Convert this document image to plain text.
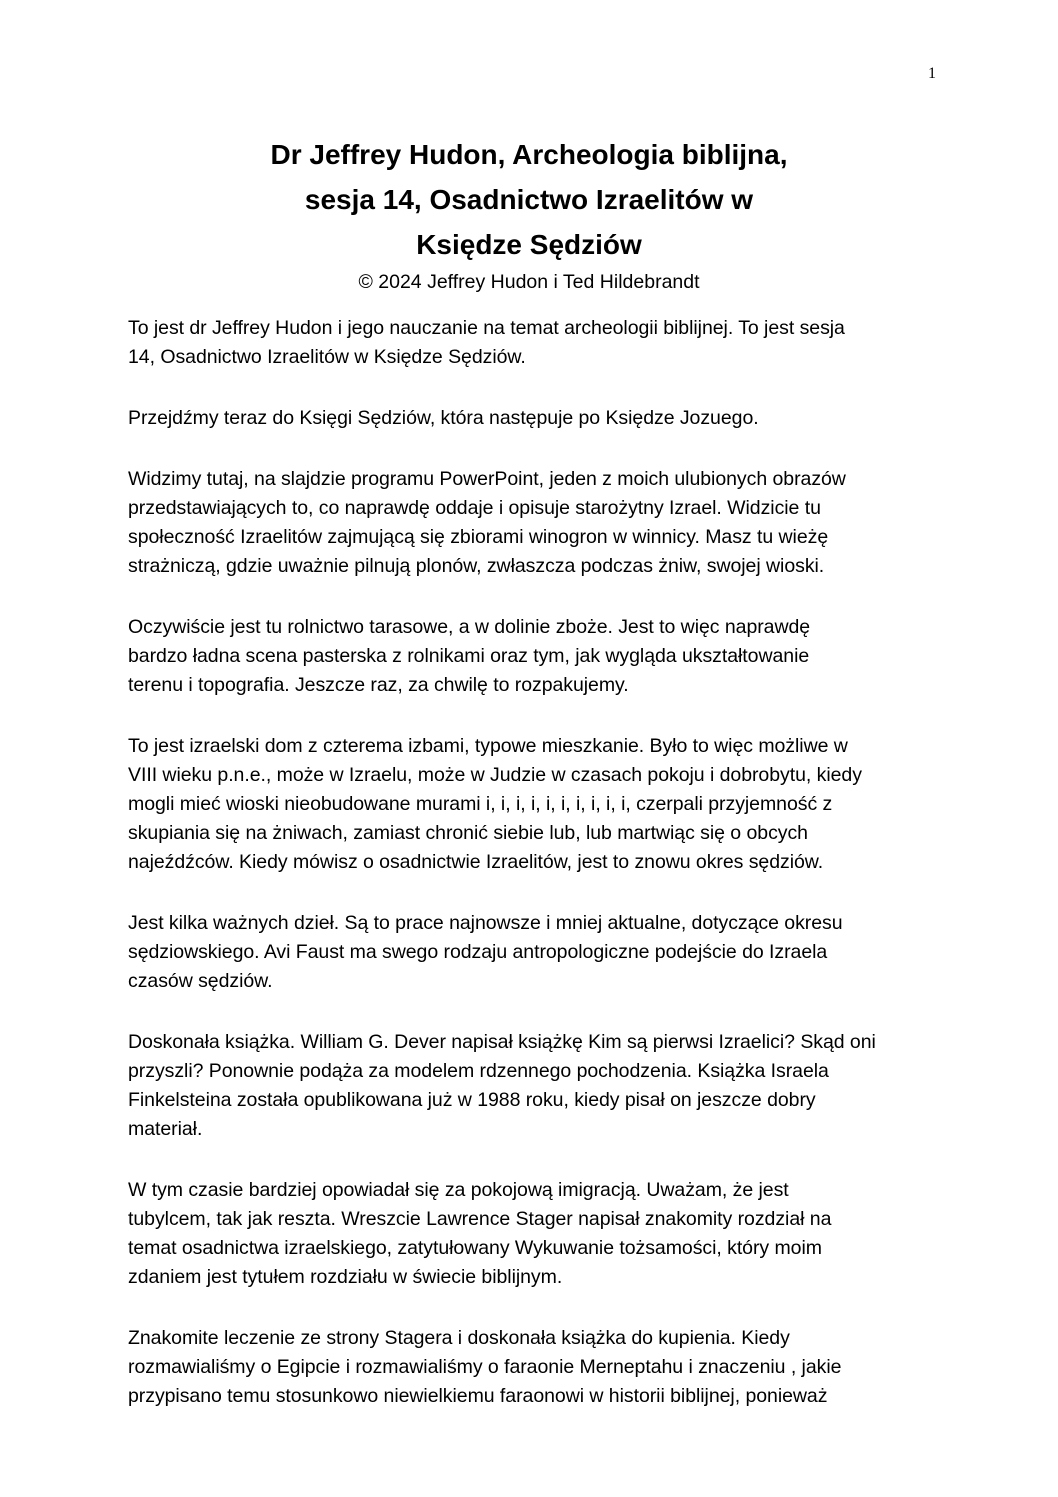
1
Dr Jeffrey Hudon, Archeologia biblijna,
sesja 14, Osadnictwo Izraelitów w
Księdze Sędziów
© 2024 Jeffrey Hudon i Ted Hildebrandt

To jest dr Jeffrey Hudon i jego nauczanie na temat archeologii biblijnej. To jest sesja
14, Osadnictwo Izraelitów w Księdze Sędziów.

Przejdźmy teraz do Księgi Sędziów, która następuje po Księdze Jozuego.

Widzimy tutaj, na slajdzie programu PowerPoint, jeden z moich ulubionych obrazów
przedstawiających to, co naprawdę oddaje i opisuje starożytny Izrael. Widzicie tu
społeczność Izraelitów zajmującą się zbiorami winogron w winnicy. Masz tu wieżę
strażniczą, gdzie uważnie pilnują plonów, zwłaszcza podczas żniw, swojej wioski.

Oczywiście jest tu rolnictwo tarasowe, a w dolinie zboże. Jest to więc naprawdę
bardzo ładna scena pasterska z rolnikami oraz tym, jak wygląda ukształtowanie
terenu i topografia. Jeszcze raz, za chwilę to rozpakujemy.

To jest izraelski dom z czterema izbami, typowe mieszkanie. Było to więc możliwe w
VIII wieku p.n.e., może w Izraelu, może w Judzie w czasach pokoju i dobrobytu, kiedy
mogli mieć wioski nieobudowane murami i, i, i, i, i, i, i, i, i, i, czerpali przyjemność z
skupiania się na żniwach, zamiast chronić siebie lub, lub martwiąc się o obcych
najeźdźców. Kiedy mówisz o osadnictwie Izraelitów, jest to znowu okres sędziów.

Jest kilka ważnych dzieł. Są to prace najnowsze i mniej aktualne, dotyczące okresu
sędziowskiego. Avi Faust ma swego rodzaju antropologiczne podejście do Izraela
czasów sędziów.

Doskonała książka. William G. Dever napisał książkę Kim są pierwsi Izraelici? Skąd oni
przyszli? Ponownie podąża za modelem rdzennego pochodzenia. Książka Israela
Finkelsteina została opublikowana już w 1988 roku, kiedy pisał on jeszcze dobry
materiał.

W tym czasie bardziej opowiadał się za pokojową imigracją. Uważam, że jest
tubylcem, tak jak reszta. Wreszcie Lawrence Stager napisał znakomity rozdział na
temat osadnictwa izraelskiego, zatytułowany Wykuwanie tożsamości, który moim
zdaniem jest tytułem rozdziału w świecie biblijnym.

Znakomite leczenie ze strony Stagera i doskonała książka do kupienia. Kiedy
rozmawialiśmy o Egipcie i rozmawialiśmy o faraonie Merneptahu i znaczeniu , jakie
przypisano temu stosunkowo niewielkiemu faraonowi w historii biblijnej, ponieważ
